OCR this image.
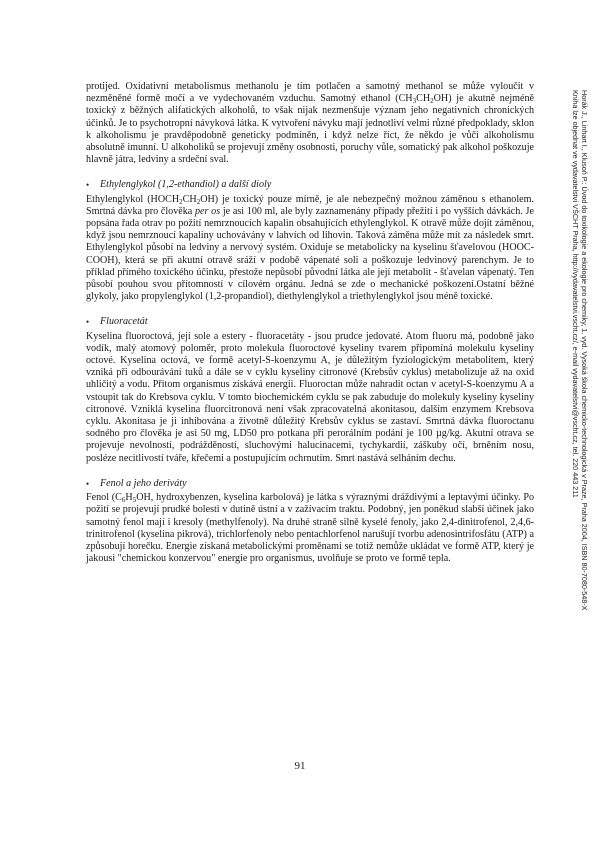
protijed. Oxidativní metabolismus methanolu je tím potlačen a samotný methanol se může vyloučit v nezměněné formě močí a ve vydechovaném vzduchu. Samotný ethanol $(CH_3CH_2OH)$ je akutně nejméně toxický z běžných alifatických alkoholů, to však nijak nezmenšuje význam jeho negativních chronických účinků. Je to psychotropní návyková látka. K vytvoření návyku mají jednotliví velmi různé předpoklady, sklon k alkoholismu je pravděpodobně geneticky podmíněn, i když nelze říct, že někdo je vůči alkoholismu absolutně imunní. U alkoholiků se projevují změny osobnosti, poruchy vůle, somatický pak alkohol poškozuje hlavně játra, ledviny a srdeční sval.

•	Ethylenglykol (1,2-ethandiol) a další dioly

Ethylenglykol $(HOCH_2CH_2OH)$ je toxický pouze mírně, je ale nebezpečný možnou záměnou s ethanolem. Smrtná dávka pro člověka per os je asi 100 ml, ale byly zaznamenány případy přežití i po vyšších dávkách. Je popsána řada otrav po požití nemrznoucích kapalin obsahujících ethylenglykol. K otravě může dojít záměnou, když jsou nemrznoucí kapaliny uchovávány v lahvích od lihovin. Taková záměna může mít za následek smrt. Ethylenglykol působí na ledviny a nervový systém. Oxiduje se metabolicky na kyselinu šťavelovou (HOOC-COOH), která se při akutní otravě sráží v podobě vápenaté soli a poškozuje ledvinový parenchym. Je to příklad přímého toxického účinku, přestože nepůsobí původní látka ale její metabolit - šťavelan vápenatý. Ten působí pouhou svou přítomností v cílovém orgánu. Jedná se zde o mechanické poškození.Ostatní běžné glykoly, jako propylenglykol (1,2-propandiol), diethylenglykol a triethylenglykol jsou méně toxické.

•	Fluoracetát

Kyselina fluoroctová, její sole a estery - fluoracetáty - jsou prudce jedovaté. Atom fluoru má, podobně jako vodík, malý atomový poloměr, proto molekula fluoroctové kyseliny tvarem připomíná molekulu kyseliny octové. Kyselina octová, ve formě acetyl-S-koenzymu A, je důležitým fyziologickým metabolitem, který vzniká při odbourávání tuků a dále se v cyklu kyseliny citronové (Krebsův cyklus) metabolizuje až na oxid uhličitý a vodu. Přitom organismus získává energii. Fluoroctan může nahradit octan v acetyl-S-koenzymu A a vstoupit tak do Krebsova cyklu. V tomto biochemickém cyklu se pak zabuduje do molekuly kyseliny kyseliny citronové. Vzniklá kyselina fluorcitronová není však zpracovatelná akonitasou, dalším enzymem Krebsova cyklu. Akonitasa je ji inhibována a životně důležitý Krebsův cyklus se zastaví. Smrtná dávka fluoroctanu sodného pro člověka je asi 50 mg, LD50 pro potkana při perorálním podání je 100 µg/kg. Akutní otrava se projevuje nevolností, podrážděností, sluchovými halucinacemi, tychykardií, záškuby očí, brněním nosu, posléze necitlivostí tváře, křečemi a postupujícím ochrnutím. Smrt nastává selháním dechu.

•	Fenol a jeho deriváty

Fenol ($C_6H_5OH$, hydroxybenzen, kyselina karbolová) je látka s výraznými dráždivými a leptavými účinky. Po požití se projevují prudké bolesti v dutině ústní a v zažívacím traktu. Podobný, jen poněkud slabší účinek jako samotný fenol mají i kresoly (methylfenoly). Na druhé straně silně kyselé fenoly, jako 2,4-dinitrofenol, 2,4,6-trinitrofenol (kyselina pikrová), trichlorfenoly nebo pentachlorfenol narušují tvorbu adenosintrifosfátu (ATP) a způsobují horečku. Energie získaná metabolickými proměnami se totiž nemůže ukládat ve formě ATP, který je jakousi "chemickou konzervou" energie pro organismus, uvolňuje se proto ve formě tepla.

91
Horák J., Linhart I., Klusoň P.: Úvod do toxikologie a ekologie pro chemiky, 1. vyd. Vysoká škola chemicko-technologická v Praze, Praha 2004, ISBN 80-7080-548-X
Kniha lze objednat ve vydavatelství VŠCHT Praha, http://vydavatelstvi.vscht.cz/, e-mail vydavatelstvi@vscht.cz, tel. 220 443 211
